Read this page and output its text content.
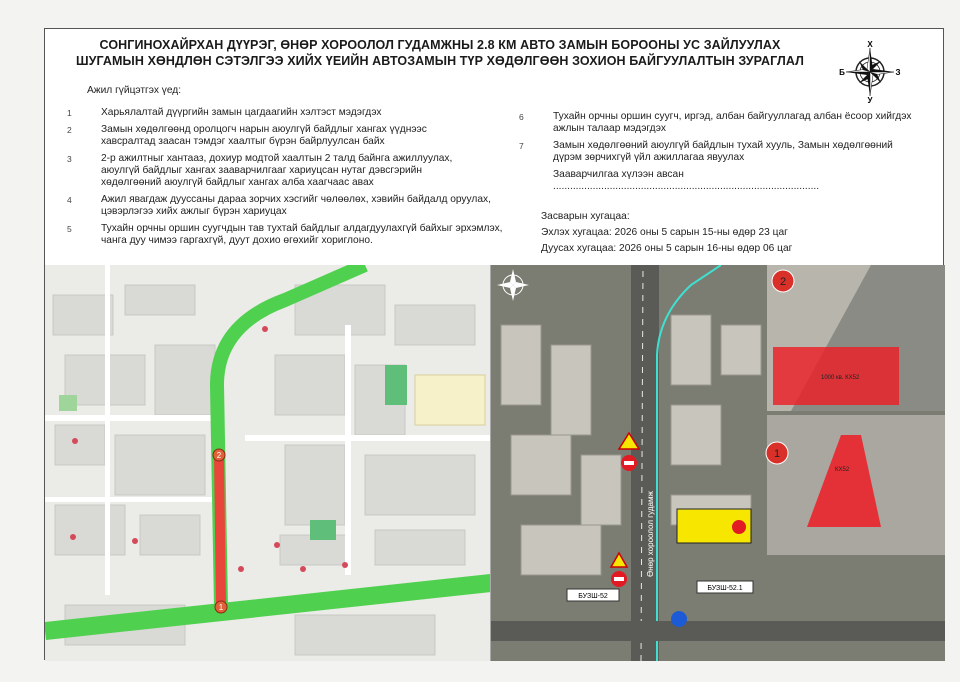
СОНГИНОХАЙРХАН ДҮҮРЭГ, ӨНӨР ХОРООЛОЛ ГУДАМЖНЫ 2.8 КМ АВТО ЗАМЫН БОРООНЫ УС ЗАЙЛУУЛАХ
ШУГАМЫН ХӨНДЛӨН СЭТЭЛГЭЭ ХИЙХ ҮЕИЙН АВТОЗАМЫН ТҮР ХӨДӨЛГӨӨН ЗОХИОН БАЙГУУЛАЛТЫН ЗУРАГЛАЛ
Х
У
Б	З
Ажил гүйцэтгэх үед:
1	Харьялалтай дүүргийн замын цагдаагийн хэлтэст мэдэгдэх

2	Замын хөдөлгөөнд оролцогч нарын аюулгүй байдлыг хангах үүднээс

хавсралтад заасан тэмдэг хаалтыг бүрэн байрлуулсан байх

3	2-р ажилтныг хантааз, дохиур модтой хаалтын 2 талд байнга ажиллуулах,

аюулгүй байдлыг хангах зааварчилгааг хариуцсан нутаг дэвсгэрийн

хөдөлгөөний аюулгүй байдлыг хангах алба хаагчаас авах

4	Ажил явагдаж дууссаны дараа зорчих хэсгийг чөлөөлөх, хэвийн байдалд оруулах,

цэвэрлэгээ хийх ажлыг бүрэн хариуцах

5	Тухайн орчны оршин суугчдын тав тухтай байдлыг алдагдуулахгүй байхыг эрхэмлэх,

чанга дуу чимээ гаргахгүй, дуут дохио өгөхийг хориглоно.

6	Тухайн орчны оршин суугч, иргэд, албан байгууллагад албан ёсоор хийгдэх

ажлын талаар мэдэгдэх

7	Замын хөдөлгөөний аюулгүй байдлын тухай хууль, Замын хөдөлгөөний

дүрэм зөрчихгүй үйл ажиллагаа явуулах

Зааварчилгаа хүлээн авсан ..............................................................................................

Засварын хугацаа:

Эхлэх хугацаа: 2026 оны 5 сарын 15-ны өдөр 23 цаг

Дуусах хугацаа: 2026 оны 5 сарын 16-ны өдөр 06 цаг

2
1
1000 кв. КХ52
2
КХ52
1
Өнөр хороолол гудамж
БУЗШ-52
БУЗШ-52.1
